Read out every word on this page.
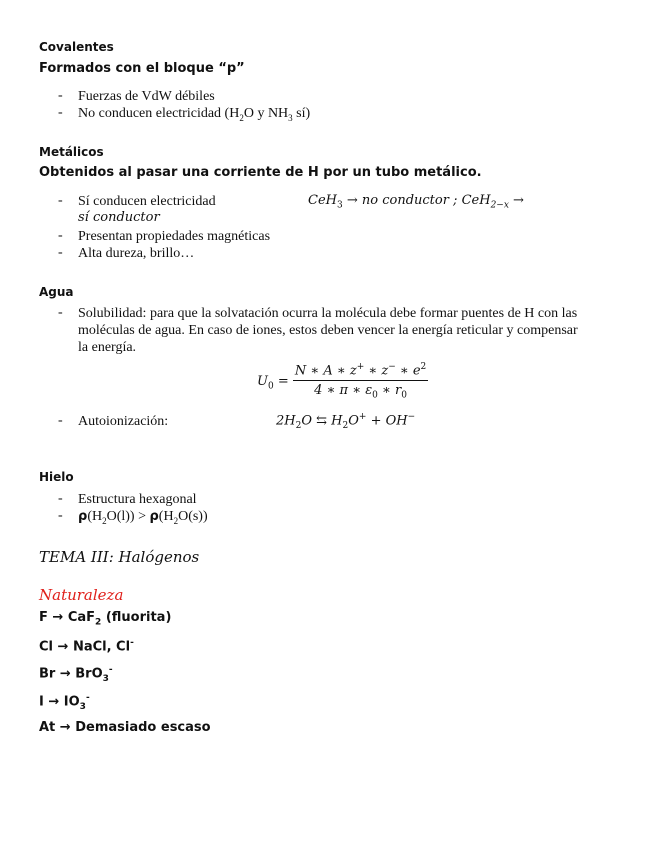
Covalentes
Formados con el bloque “p”
- Fuerzas de VdW débiles
- No conducen electricidad ($H_2O$ y $NH_3$ sí)
Metálicos
Obtenidos al pasar una corriente de H por un tubo metálico.
- Sí conducen electricidad	CeH$_3$ → no conductor ; CeH$_{2-x}$ →
sí conductor
- Presentan propiedades magnéticas
- Alta dureza, brillo…
Agua
- Solubilidad: para que la solvatación ocurra la molécula debe formar puentes de H con las
moléculas de agua. En caso de iones, estos deben vencer la energía reticular y compensar
la energía.
$U_0 = \frac{N ∗ A ∗ z^+ ∗ z^- ∗ e^2}{4 ∗ \pi ∗ \varepsilon_0 ∗ r_0}$
- Autoionización:	$2H_2O$ ⇆ $H_2O^+ + OH^-$
Hielo
- Estructura hexagonal
- $\rho(H_2O(l)) > \rho(H_2O(s))$
TEMA III: Halógenos
Naturaleza
F → CaF$_2$ (fluorita)
Cl → NaCl, Cl-
Br → BrO$_3$-
$I \to IO_3^-$
At → Demasiado escaso
